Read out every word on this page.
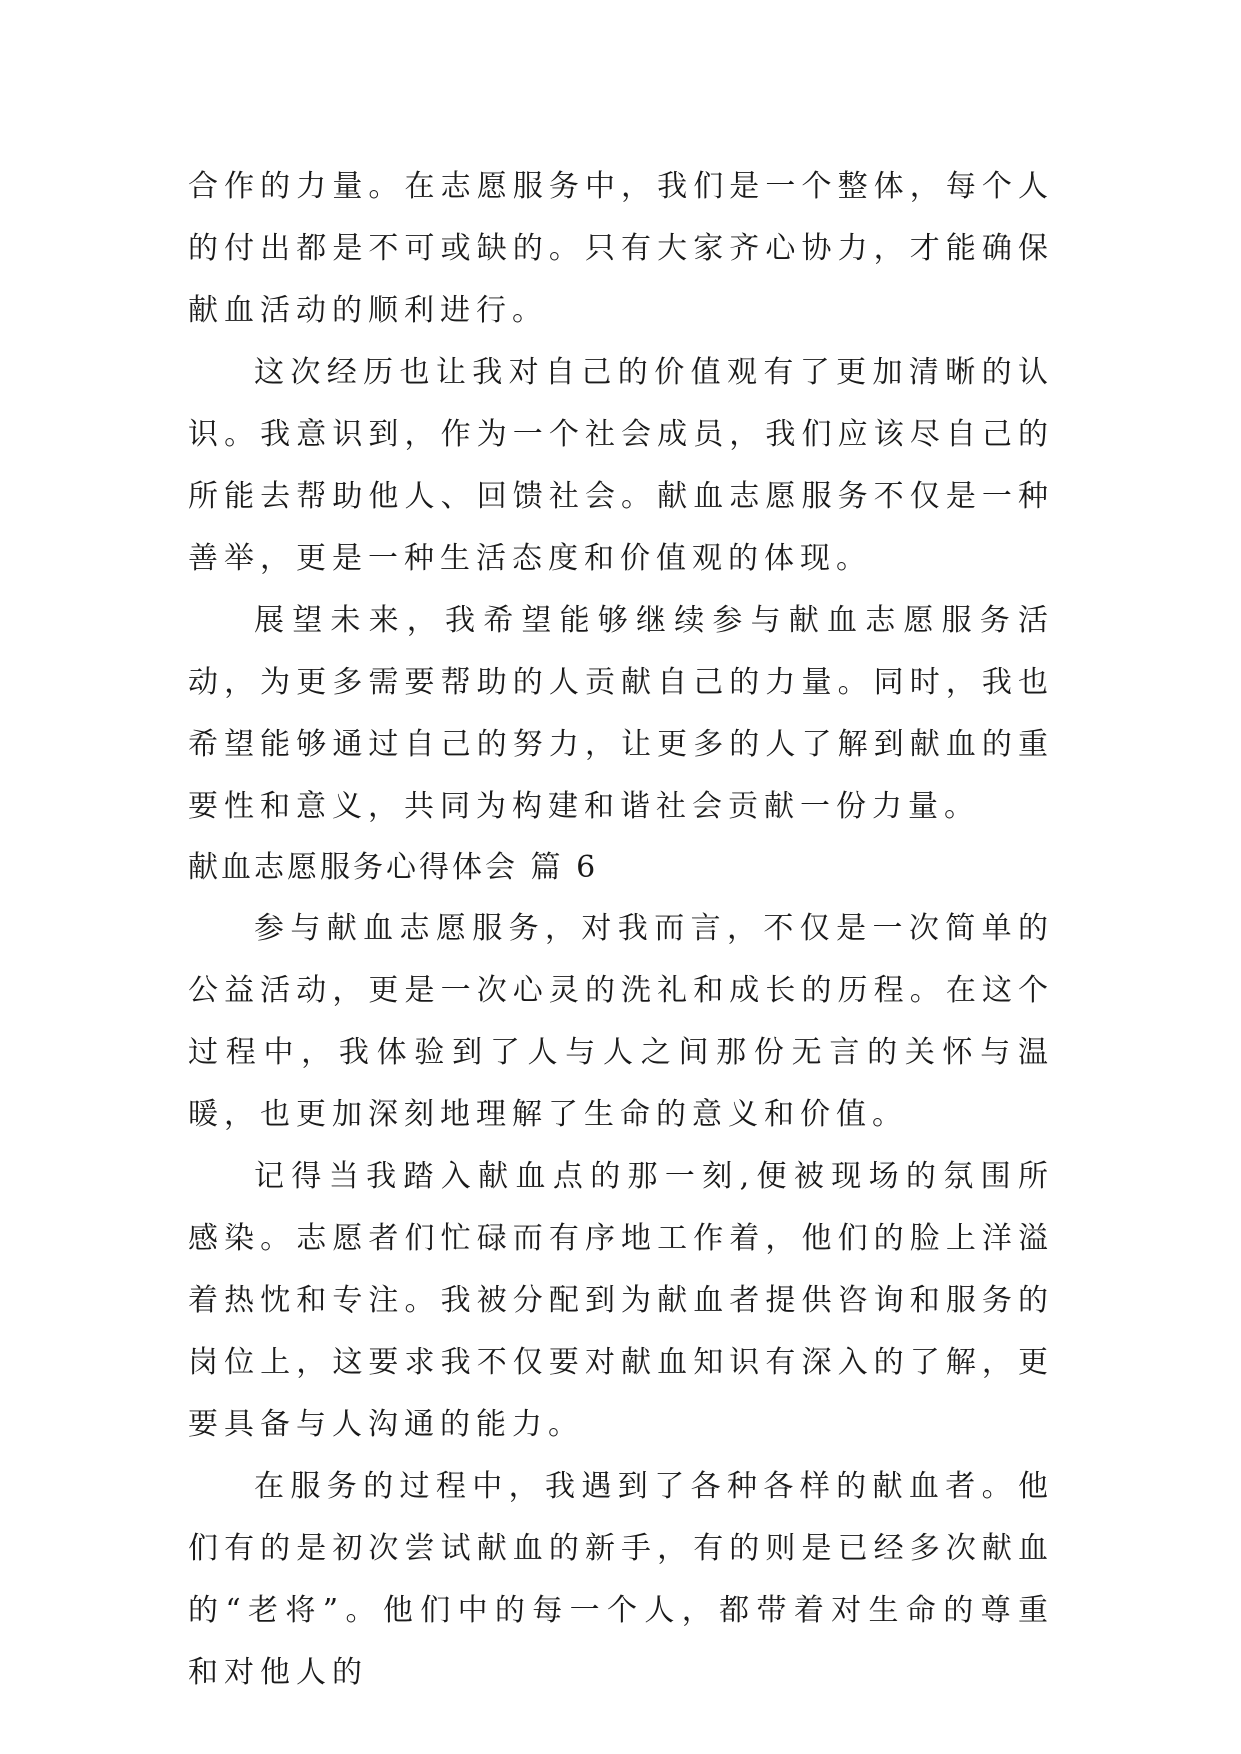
合作的力量。在志愿服务中，我们是一个整体，每个人的付出都是不可或缺的。只有大家齐心协力，才能确保献血活动的顺利进行。

这次经历也让我对自己的价值观有了更加清晰的认识。我意识到，作为一个社会成员，我们应该尽自己的所能去帮助他人、回馈社会。献血志愿服务不仅是一种善举，更是一种生活态度和价值观的体现。

展望未来，我希望能够继续参与献血志愿服务活动，为更多需要帮助的人贡献自己的力量。同时，我也希望能够通过自己的努力，让更多的人了解到献血的重要性和意义，共同为构建和谐社会贡献一份力量。

献血志愿服务心得体会 篇 6

参与献血志愿服务，对我而言，不仅是一次简单的公益活动，更是一次心灵的洗礼和成长的历程。在这个过程中，我体验到了人与人之间那份无言的关怀与温暖，也更加深刻地理解了生命的意义和价值。

记得当我踏入献血点的那一刻,便被现场的氛围所感染。志愿者们忙碌而有序地工作着，他们的脸上洋溢着热忱和专注。我被分配到为献血者提供咨询和服务的岗位上，这要求我不仅要对献血知识有深入的了解，更要具备与人沟通的能力。

在服务的过程中，我遇到了各种各样的献血者。他们有的是初次尝试献血的新手，有的则是已经多次献血的“老将”。他们中的每一个人，都带着对生命的尊重和对他人的
